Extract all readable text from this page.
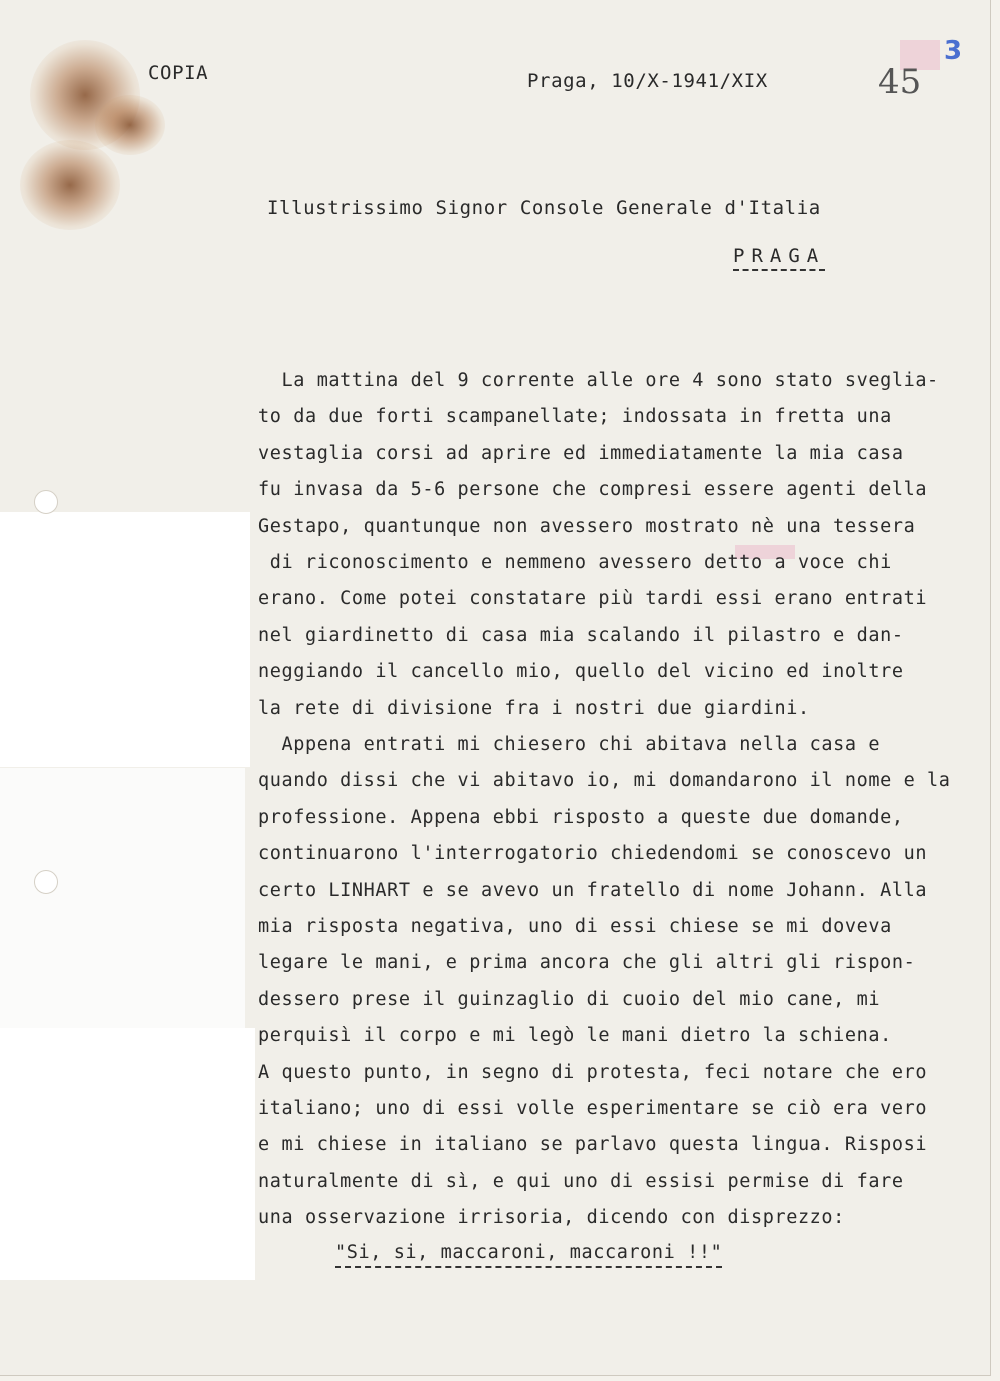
COPIA	Praga, 10/X-1941/XIX	45
3
Illustrissimo Signor Console Generale d'Italia
PRAGA
La mattina del 9 corrente alle ore 4 sono stato sveglia-
to da due forti scampanellate; indossata in fretta una
vestaglia corsi ad aprire ed immediatamente la mia casa
fu invasa da 5-6 persone che compresi essere agenti della
Gestapo, quantunque non avessero mostrato nè una tessera
di riconoscimento e nemmeno avessero detto a voce chi
erano. Come potei constatare più tardi essi erano entrati
nel giardinetto di casa mia scalando il pilastro e dan-
neggiando il cancello mio, quello del vicino ed inoltre
la rete di divisione fra i nostri due giardini.
Appena entrati mi chiesero chi abitava nella casa e
quando dissi che vi abitavo io, mi domandarono il nome e la
professione. Appena ebbi risposto a queste due domande,
continuarono l'interrogatorio chiedendomi se conoscevo un
certo LINHART e se avevo un fratello di nome Johann. Alla
mia risposta negativa, uno di essi chiese se mi doveva
legare le mani, e prima ancora che gli altri gli rispon-
dessero prese il guinzaglio di cuoio del mio cane, mi
perquisì il corpo e mi legò le mani dietro la schiena.
A questo punto, in segno di protesta, feci notare che ero
italiano; uno di essi volle esperimentare se ciò era vero
e mi chiese in italiano se parlavo questa lingua. Risposi
naturalmente di sì, e qui uno di essisi permise di fare
una osservazione irrisoria, dicendo con disprezzo:
"Si, si, maccaroni, maccaroni !!"
